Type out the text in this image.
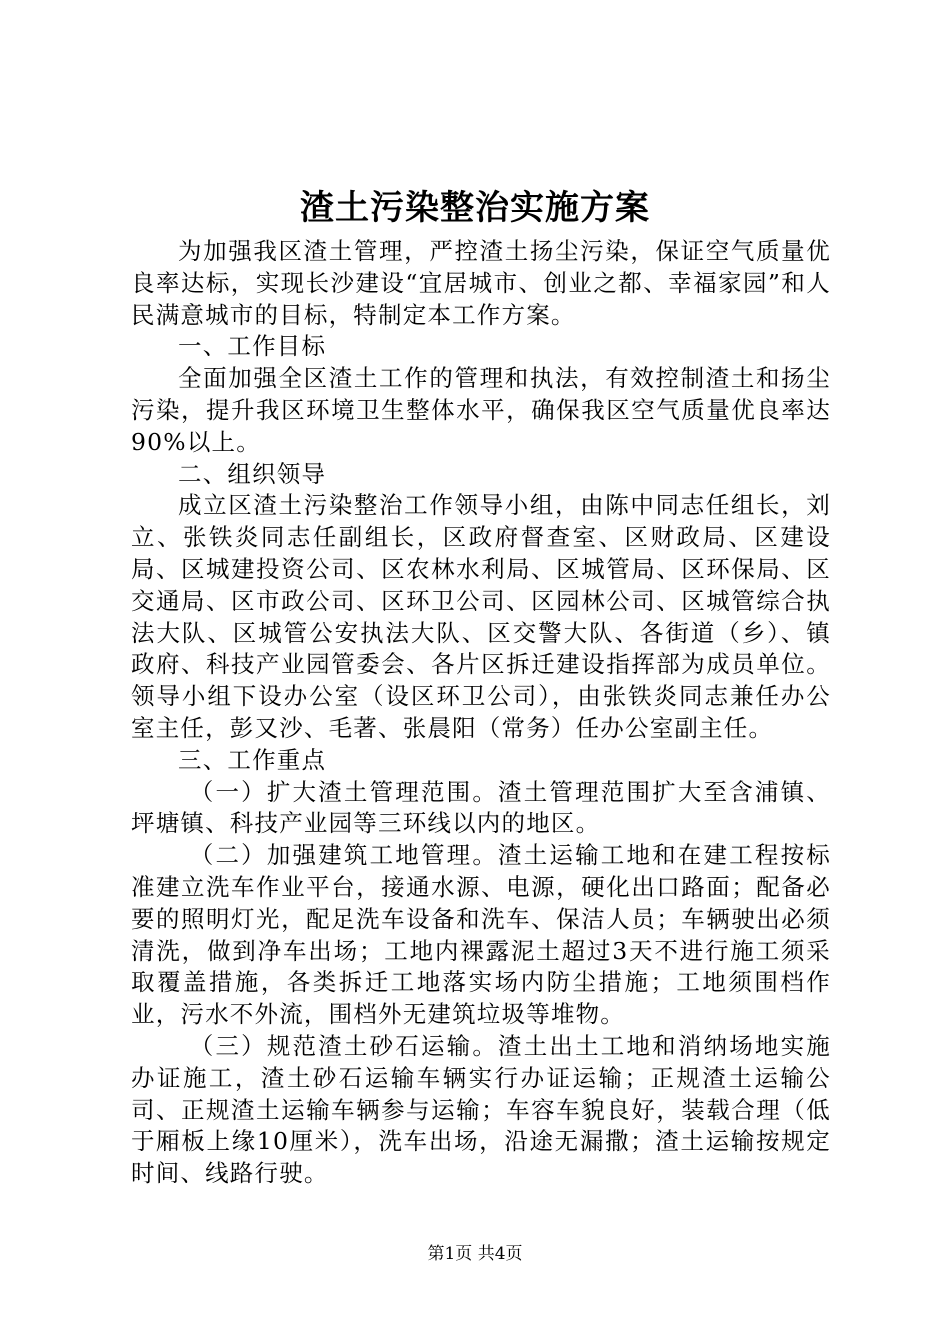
渣土污染整治实施方案

为加强我区渣土管理，严控渣土扬尘污染，保证空气质量优良率达标，实现长沙建设“宜居城市、创业之都、幸福家园”和人民满意城市的目标，特制定本工作方案。

一、工作目标

全面加强全区渣土工作的管理和执法，有效控制渣土和扬尘污染，提升我区环境卫生整体水平，确保我区空气质量优良率达90%以上。

二、组织领导

成立区渣土污染整治工作领导小组，由陈中同志任组长，刘立、张铁炎同志任副组长，区政府督查室、区财政局、区建设局、区城建投资公司、区农林水利局、区城管局、区环保局、区交通局、区市政公司、区环卫公司、区园林公司、区城管综合执法大队、区城管公安执法大队、区交警大队、各街道（乡）、镇政府、科技产业园管委会、各片区拆迁建设指挥部为成员单位。领导小组下设办公室（设区环卫公司），由张铁炎同志兼任办公室主任，彭又沙、毛著、张晨阳（常务）任办公室副主任。

三、工作重点

（一）扩大渣土管理范围。渣土管理范围扩大至含浦镇、坪塘镇、科技产业园等三环线以内的地区。

（二）加强建筑工地管理。渣土运输工地和在建工程按标准建立洗车作业平台，接通水源、电源，硬化出口路面；配备必要的照明灯光，配足洗车设备和洗车、保洁人员；车辆驶出必须清洗，做到净车出场；工地内裸露泥土超过3天不进行施工须采取覆盖措施，各类拆迁工地落实场内防尘措施；工地须围档作业，污水不外流，围档外无建筑垃圾等堆物。

（三）规范渣土砂石运输。渣土出土工地和消纳场地实施办证施工，渣土砂石运输车辆实行办证运输；正规渣土运输公司、正规渣土运输车辆参与运输；车容车貌良好，装载合理（低于厢板上缘10厘米），洗车出场，沿途无漏撒；渣土运输按规定时间、线路行驶。

第1页 共4页
